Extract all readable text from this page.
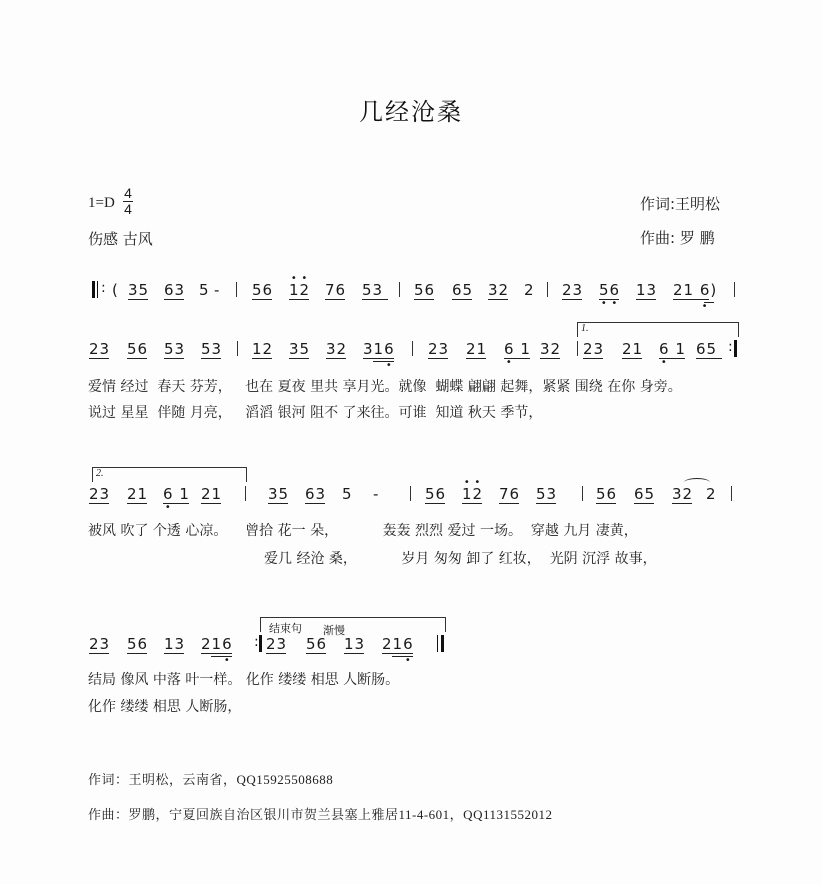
几经沧桑
1=D
4
4
伤感 古风
作词:王明松
作曲: 罗 鹏
: ( 35 63 5 - 56 1
•
2
•
76 53	56 65 32 2 23 5
•
6
•
13 21 6
•
)
1.
23 56 53 53 12 35 32 316
•
23 21 6
•
1 32 23 21 6
•
1 65 :
爱情 经过 春天 芬芳， 也在 夏夜 里共 享月光。就像 蝴蝶 翩翩 起舞，紧紧 围绕 在你 身旁。
说过 星星 伴随 月亮， 滔滔 银河 阻不 了来往。可谁 知道 秋天 季节，
2.
23 21 6
•
1 21	35 63 5 -	56 1
•
2
•
76 53	56 65 32 2
被风 吹了 个透 心凉。 曾拾 花一 朵，	轰轰 烈烈 爱过 一场。 穿越 九月 凄黄，
爱几 经沧 桑，	岁月 匆匆 卸了 红妆， 光阴 沉浮 故事，
结束句 渐慢
23 56 13 216
•
: 23 56 13 216
•
结局 像风 中落 叶一样。 化作 缕缕 相思 人断肠。
化作 缕缕 相思 人断肠，
作词：王明松，云南省，QQ15925508688
作曲：罗鹏，宁夏回族自治区银川市贺兰县塞上雅居11-4-601，QQ1131552012
